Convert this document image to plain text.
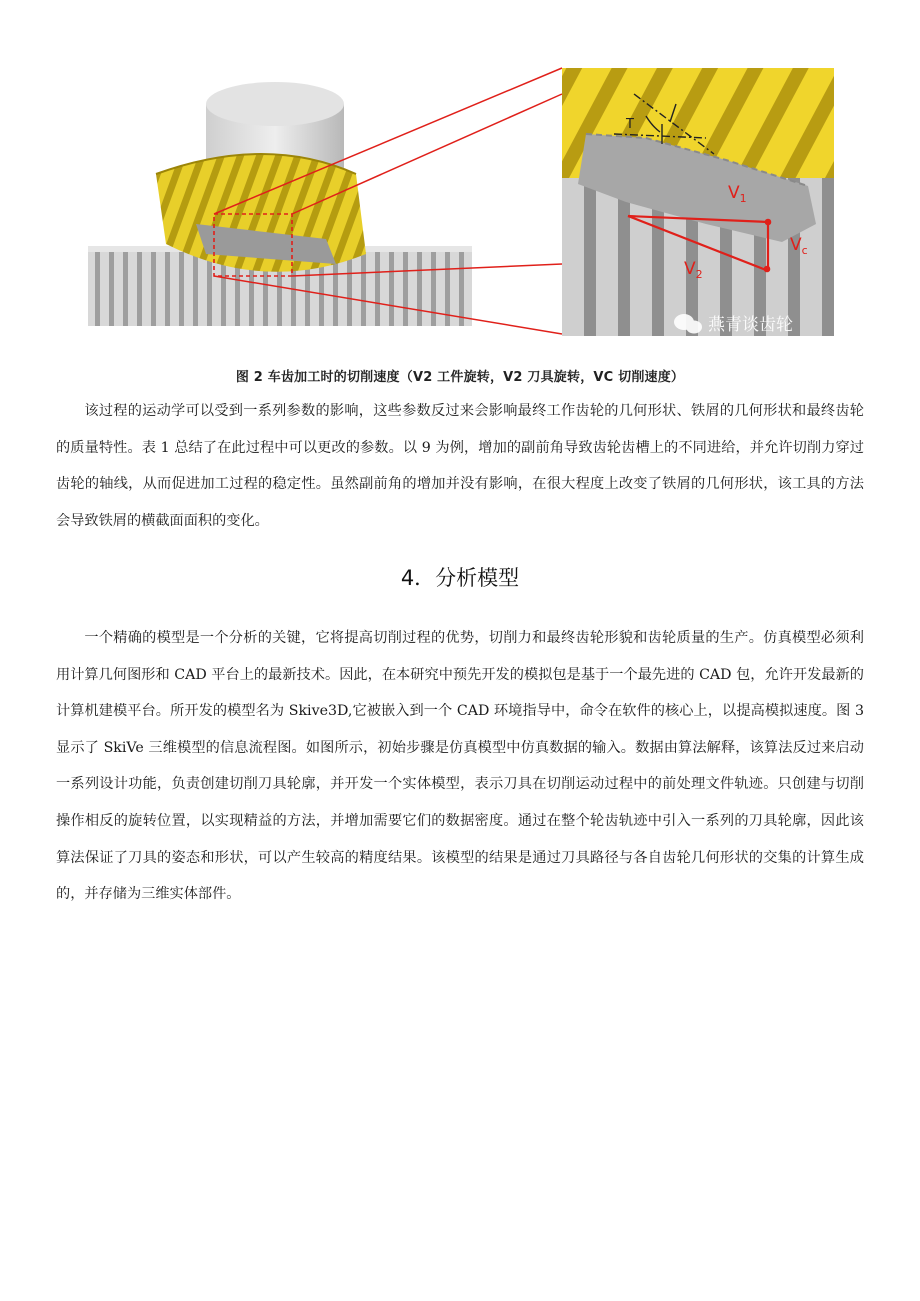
T
$V_1$
$V_c$
$V_2$
燕青谈齿轮
图 2 车齿加工时的切削速度（V2 工件旋转，V2 刀具旋转，VC 切削速度）

该过程的运动学可以受到一系列参数的影响，这些参数反过来会影响最终工作齿轮的几何形状、铁屑的几何形状和最终齿轮的质量特性。表 1 总结了在此过程中可以更改的参数。以 9 为例，增加的副前角导致齿轮齿槽上的不同进给，并允许切削力穿过齿轮的轴线，从而促进加工过程的稳定性。虽然副前角的增加并没有影响，在很大程度上改变了铁屑的几何形状，该工具的方法会导致铁屑的横截面面积的变化。

4．分析模型

一个精确的模型是一个分析的关键，它将提高切削过程的优势，切削力和最终齿轮形貌和齿轮质量的生产。仿真模型必须利用计算几何图形和 CAD 平台上的最新技术。因此，在本研究中预先开发的模拟包是基于一个最先进的 CAD 包，允许开发最新的计算机建模平台。所开发的模型名为 Skive3D,它被嵌入到一个 CAD 环境指导中，命令在软件的核心上，以提高模拟速度。图 3 显示了 SkiVe 三维模型的信息流程图。如图所示，初始步骤是仿真模型中仿真数据的输入。数据由算法解释，该算法反过来启动一系列设计功能，负责创建切削刀具轮廓，并开发一个实体模型，表示刀具在切削运动过程中的前处理文件轨迹。只创建与切削操作相反的旋转位置，以实现精益的方法，并增加需要它们的数据密度。通过在整个轮齿轨迹中引入一系列的刀具轮廓，因此该算法保证了刀具的姿态和形状，可以产生较高的精度结果。该模型的结果是通过刀具路径与各自齿轮几何形状的交集的计算生成的，并存储为三维实体部件。
